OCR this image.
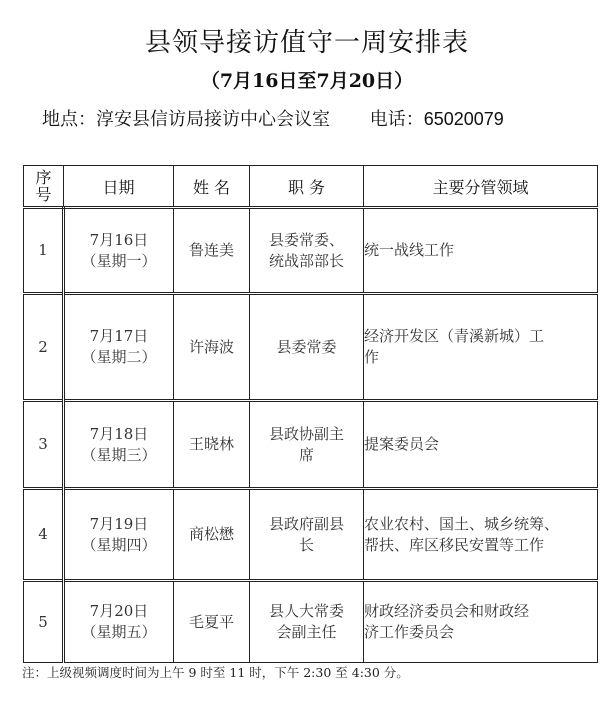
县领导接访值守一周安排表
（7月16日至7月20日）
地点：淳安县信访局接访中心会议室 电话：65020079
序
号	日期	姓 名	职 务	主要分管领域
1	7月16日
（星期一）	鲁连美	县委常委、
统战部部长	统一战线工作

2	7月17日
（星期二）	许海波	县委常委	经济开发区（青溪新城）工
作

3	7月18日
（星期三）	王晓林	县政协副主
席	提案委员会

4	7月19日
（星期四）	商松懋	县政府副县
长	农业农村、国土、城乡统筹、
帮扶、库区移民安置等工作

5	7月20日
（星期五）	毛夏平	县人大常委
会副主任	财政经济委员会和财政经
济工作委员会
注：上级视频调度时间为上午 9 时至 11 时，下午 2:30 至 4:30 分。
